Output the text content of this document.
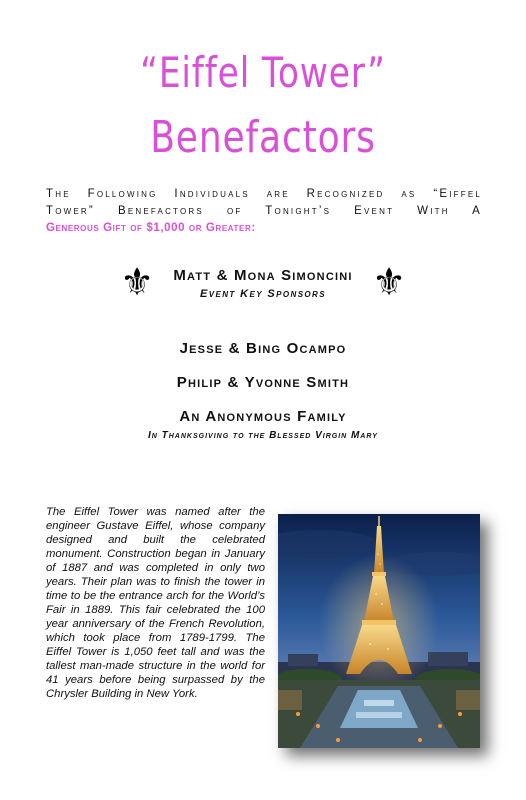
“Eiffel Tower”
Benefactors
The Following Individuals are Recognized as “Eiffel
Tower” Benefactors of Tonight’s Event With A
Generous Gift of $1,000 or Greater:
⚜	⚜
Matt & Mona Simoncini
Event Key Sponsors
Jesse & Bing Ocampo
Philip & Yvonne Smith
An Anonymous Family
In Thanksgiving to the Blessed Virgin Mary
The Eiffel Tower was named after the engineer Gustave Eiffel, whose company designed and built the celebrated monument. Construction began in January of 1887 and was completed in only two years. Their plan was to finish the tower in time to be the entrance arch for the World’s Fair in 1889. This fair celebrated the 100 year anniversary of the French Revolution, which took place from 1789-1799. The Eiffel Tower is 1,050 feet tall and was the tallest man-made structure in the world for 41 years before being surpassed by the Chrysler Building in New York.
